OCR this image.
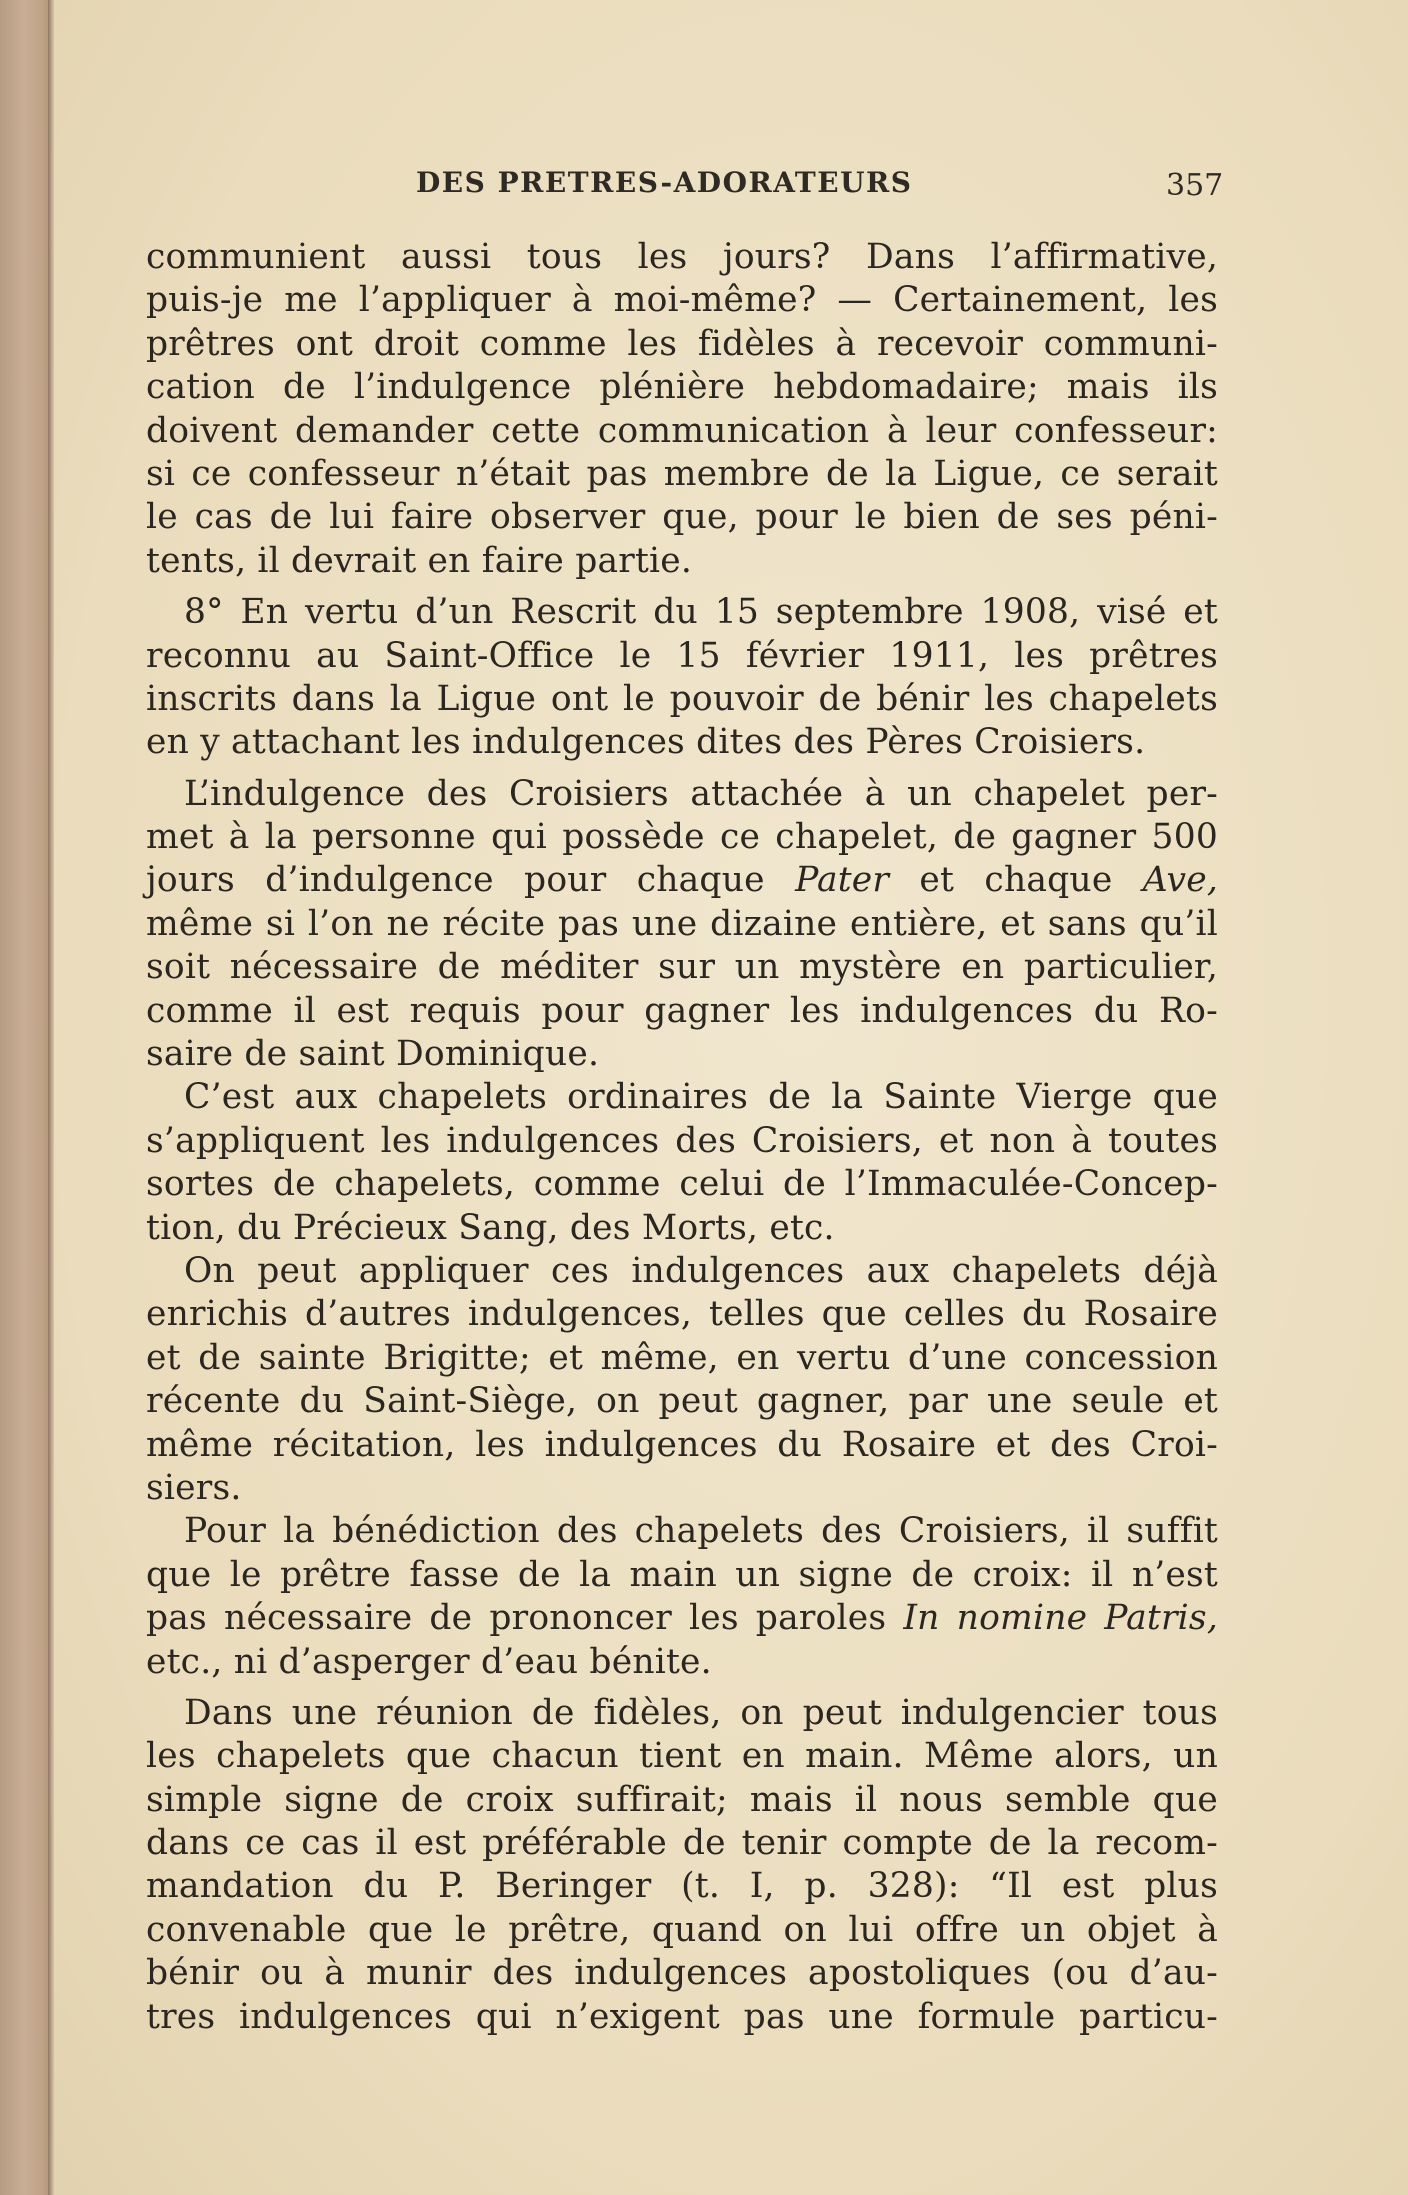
DES PRETRES-ADORATEURS	357
communient aussi tous les jours? Dans l’affirmative,
puis-je me l’appliquer à moi-même? — Certainement, les
prêtres ont droit comme les fidèles à recevoir communi-
cation de l’indulgence plénière hebdomadaire; mais ils
doivent demander cette communication à leur confesseur:
si ce confesseur n’était pas membre de la Ligue, ce serait
le cas de lui faire observer que, pour le bien de ses péni-
tents, il devrait en faire partie.
8° En vertu d’un Rescrit du 15 septembre 1908, visé et
reconnu au Saint-Office le 15 février 1911, les prêtres
inscrits dans la Ligue ont le pouvoir de bénir les chapelets
en y attachant les indulgences dites des Pères Croisiers.
L’indulgence des Croisiers attachée à un chapelet per-
met à la personne qui possède ce chapelet, de gagner 500
jours d’indulgence pour chaque Pater et chaque Ave,
même si l’on ne récite pas une dizaine entière, et sans qu’il
soit nécessaire de méditer sur un mystère en particulier,
comme il est requis pour gagner les indulgences du Ro-
saire de saint Dominique.
C’est aux chapelets ordinaires de la Sainte Vierge que
s’appliquent les indulgences des Croisiers, et non à toutes
sortes de chapelets, comme celui de l’Immaculée-Concep-
tion, du Précieux Sang, des Morts, etc.
On peut appliquer ces indulgences aux chapelets déjà
enrichis d’autres indulgences, telles que celles du Rosaire
et de sainte Brigitte; et même, en vertu d’une concession
récente du Saint-Siège, on peut gagner, par une seule et
même récitation, les indulgences du Rosaire et des Croi-
siers.
Pour la bénédiction des chapelets des Croisiers, il suffit
que le prêtre fasse de la main un signe de croix: il n’est
pas nécessaire de prononcer les paroles In nomine Patris,
etc., ni d’asperger d’eau bénite.
Dans une réunion de fidèles, on peut indulgencier tous
les chapelets que chacun tient en main. Même alors, un
simple signe de croix suffirait; mais il nous semble que
dans ce cas il est préférable de tenir compte de la recom-
mandation du P. Beringer (t. I, p. 328): “Il est plus
convenable que le prêtre, quand on lui offre un objet à
bénir ou à munir des indulgences apostoliques (ou d’au-
tres indulgences qui n’exigent pas une formule particu-
